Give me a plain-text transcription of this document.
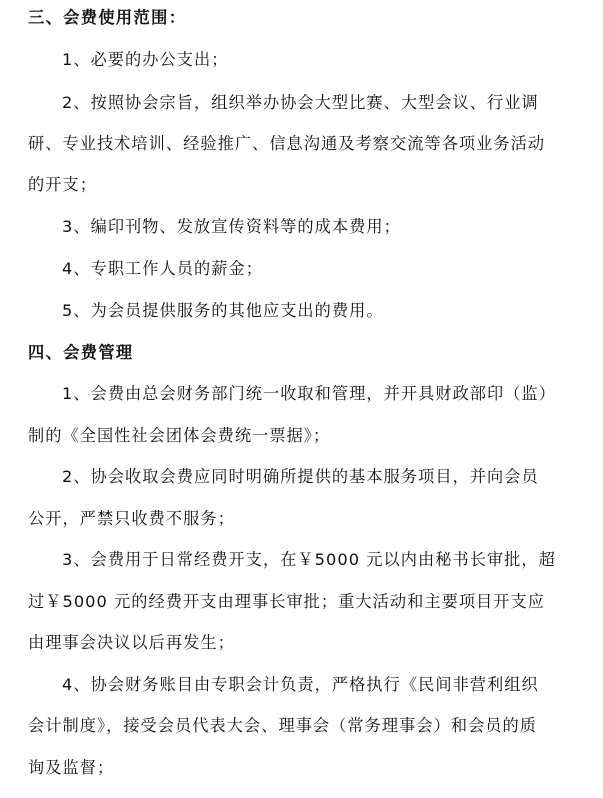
三、会费使用范围：
1、必要的办公支出；
2、按照协会宗旨，组织举办协会大型比赛、大型会议、行业调
研、专业技术培训、经验推广、信息沟通及考察交流等各项业务活动
的开支；
3、编印刊物、发放宣传资料等的成本费用；
4、专职工作人员的薪金；
5、为会员提供服务的其他应支出的费用。
四、会费管理
1、会费由总会财务部门统一收取和管理，并开具财政部印（监）
制的《全国性社会团体会费统一票据》；
2、协会收取会费应同时明确所提供的基本服务项目，并向会员
公开，严禁只收费不服务；
3、会费用于日常经费开支，在￥5000 元以内由秘书长审批，超
过￥5000 元的经费开支由理事长审批；重大活动和主要项目开支应
由理事会决议以后再发生；
4、协会财务账目由专职会计负责，严格执行《民间非营利组织
会计制度》，接受会员代表大会、理事会（常务理事会）和会员的质
询及监督；
